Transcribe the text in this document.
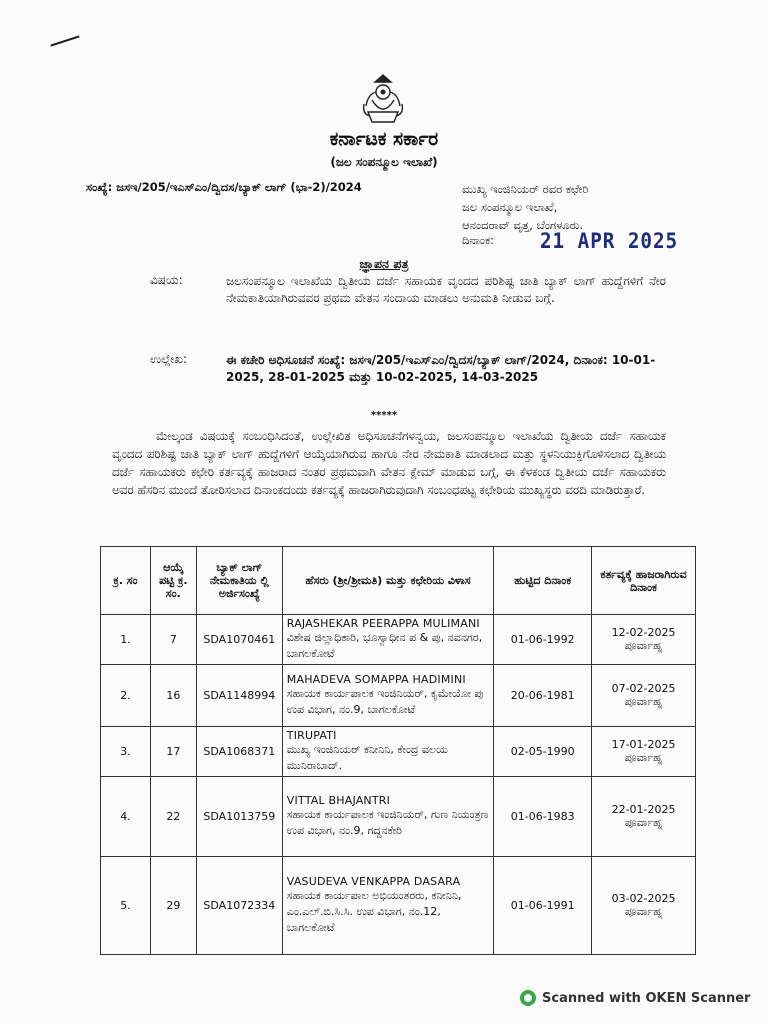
ಕರ್ನಾಟಕ ಸರ್ಕಾರ
(ಜಲ ಸಂಪನ್ಮೂಲ ಇಲಾಖೆ)
ಸಂಖ್ಯೆ: ಜಸಇ/205/ಇಎಸ್ಎಂ/ದ್ವಿದಸ/ಬ್ಯಾಕ್ ಲಾಗ್ (ಭಾ-2)/2024	ಮುಖ್ಯ ಇಂಜಿನಿಯರ್ ರವರ ಕಛೇರಿ
ಜಲ ಸಂಪನ್ಮೂಲ ಇಲಾಖೆ,
ಆನಂದರಾವ್ ವೃತ್ತ, ಬೆಂಗಳೂರು.
ದಿನಾಂಕ: 21 APR 2025
ಜ್ಞಾಪನ ಪತ್ರ
ವಿಷಯ:	ಜಲಸಂಪನ್ಮೂಲ ಇಲಾಖೆಯ ದ್ವಿತೀಯ ದರ್ಜೆ ಸಹಾಯಕ ವೃಂದದ ಪರಿಶಿಷ್ಟ ಜಾತಿ ಬ್ಯಾಕ್ ಲಾಗ್ ಹುದ್ದೆಗಳಿಗೆ ನೇರ ನೇಮಕಾತಿಯಾಗಿರುವವರ ಪ್ರಥಮ ವೇತನ ಸಂದಾಯ ಮಾಡಲು ಅನುಮತಿ ನೀಡುವ ಬಗ್ಗೆ.
ಉಲ್ಲೇಖ:	ಈ ಕಚೇರಿ ಅಧಿಸೂಚನೆ ಸಂಖ್ಯೆ: ಜಸಇ/205/ಇಎಸ್ಎಂ/ದ್ವಿದಸ/ಬ್ಯಾಕ್ ಲಾಗ್/2024, ದಿನಾಂಕ: 10-01-2025, 28-01-2025 ಮತ್ತು 10-02-2025, 14-03-2025
*****
ಮೇಲ್ಕಂಡ ವಿಷಯಕ್ಕೆ ಸಂಬಂಧಿಸಿದಂತೆ, ಉಲ್ಲೇಖಿತ ಅಧಿಸೂಚನೆಗಳನ್ವಯ, ಜಲಸಂಪನ್ಮೂಲ ಇಲಾಖೆಯ ದ್ವಿತೀಯ ದರ್ಜೆ ಸಹಾಯಕ ವೃಂದದ ಪರಿಶಿಷ್ಟ ಜಾತಿ ಬ್ಯಾಕ್ ಲಾಗ್ ಹುದ್ದೆಗಳಿಗೆ ಆಯ್ಕೆಯಾಗಿರುವ ಹಾಗೂ ನೇರ ನೇಮಕಾತಿ ಮಾಡಲಾದ ಮತ್ತು ಸ್ಥಳನಿಯುಕ್ತಿಗೊಳಿಸಲಾದ ದ್ವಿತೀಯ ದರ್ಜೆ ಸಹಾಯಕರು ಕಛೇರಿ ಕರ್ತವ್ಯಕ್ಕೆ ಹಾಜರಾದ ನಂತರ ಪ್ರಥಮವಾಗಿ ವೇತನ ಕ್ಲೇಮ್ ಮಾಡುವ ಬಗ್ಗೆ, ಈ ಕೆಳಕಂಡ ದ್ವಿತೀಯ ದರ್ಜೆ ಸಹಾಯಕರು ಅವರ ಹೆಸರಿನ ಮುಂದೆ ತೋರಿಸಲಾದ ದಿನಾಂಕದಂದು ಕರ್ತವ್ಯಕ್ಕೆ ಹಾಜರಾಗಿರುವುದಾಗಿ ಸಂಬಂಧಪಟ್ಟ ಕಛೇರಿಯ ಮುಖ್ಯಸ್ಥರು ವರದಿ ಮಾಡಿರುತ್ತಾರೆ.
ಕ್ರ. ಸಂ	ಆಯ್ಕೆ ಪಟ್ಟಿ ಕ್ರ. ಸಂ.	ಬ್ಯಾಕ್ ಲಾಗ್ ನೇಮಕಾತಿಯ ಲ್ಲಿ ಅರ್ಜಿಸಂಖ್ಯೆ	ಹೆಸರು (ಶ್ರೀ/ಶ್ರೀಮತಿ) ಮತ್ತು ಕಛೇರಿಯ ವಿಳಾಸ	ಹುಟ್ಟಿದ ದಿನಾಂಕ	ಕರ್ತವ್ಯಕ್ಕೆ ಹಾಜರಾಗಿರುವ ದಿನಾಂಕ
1.	7	SDA1070461	RAJASHEKAR PEERAPPA MULIMANI
ವಿಶೇಷ ಜಿಲ್ಲಾಧಿಕಾರಿ, ಭೂಸ್ವಾಧೀನ ಪ & ಪು, ನವನಗರ, ಬಾಗಲಕೋಟೆ	01-06-1992	12-02-2025
ಪೂರ್ವಾಹ್ನ

2.	16	SDA1148994	MAHADEVA SOMAPPA HADIMINI
ಸಹಾಯಕ ಕಾರ್ಯಪಾಲಕ ಇಂಜಿನಿಯರ್, ಕೃಮೇಯೋ ಪು ಉಪ ವಿಭಾಗ, ನಂ.9, ಬಾಗಲಕೋಟೆ	20-06-1981	07-02-2025
ಪೂರ್ವಾಹ್ನ

3.	17	SDA1068371	TIRUPATI
ಮುಖ್ಯ ಇಂಜಿನಿಯರ್ ಕನೀನಿನಿ, ಕೇಂದ್ರ ವಲಯ ಮುನಿರಾಬಾದ್.	02-05-1990	17-01-2025
ಪೂರ್ವಾಹ್ನ

4.	22	SDA1013759	VITTAL BHAJANTRI
ಸಹಾಯಕ ಕಾರ್ಯಪಾಲಕ ಇಂಜಿನಿಯರ್, ಗುಣ ನಿಯಂತ್ರಣ ಉಪ ವಿಭಾಗ, ನಂ.9, ಗದ್ದನಕೇರಿ	01-06-1983	22-01-2025
ಪೂರ್ವಾಹ್ನ

5.	29	SDA1072334	VASUDEVA VENKAPPA DASARA
ಸಹಾಯಕ ಕಾರ್ಯಪಾಲ ಅಭಿಯಂತರರು, ಕನೀನಿನಿ, ಎಂ.ಎಲ್.ಬಿ.ಸಿ.ಸಿ. ಉಪ ವಿಭಾಗ, ನಂ.12, ಬಾಗಲಕೋಟೆ	01-06-1991	03-02-2025
ಪೂರ್ವಾಹ್ನ
Scanned with OKEN Scanner
